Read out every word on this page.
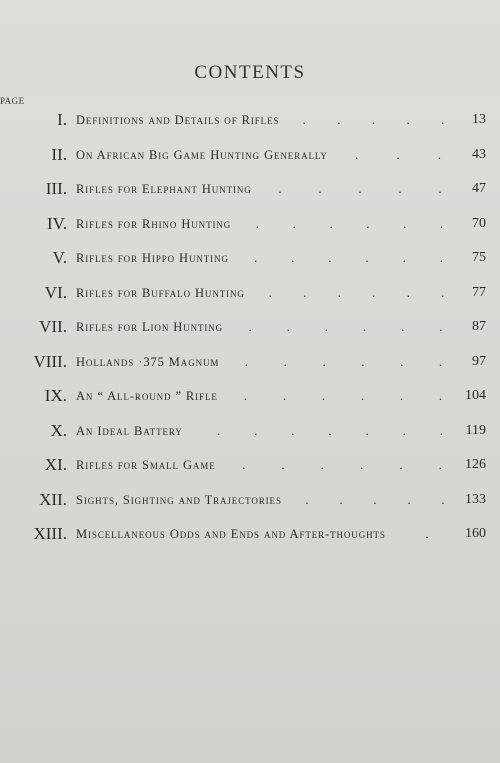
CONTENTS
PAGE
I. Definitions and Details of Rifles	13
. . . . .
II. On African Big Game Hunting Generally	43
.	.	.
III. Rifles for Elephant Hunting	47
.	.	.	.	.
IV. Rifles for Rhino Hunting	70
.	.	.	.	.	.
V. Rifles for Hippo Hunting	75
.	.	.	.	.	.
VI. Rifles for Buffalo Hunting	77
. . . . . .
VII. Rifles for Lion Hunting	87
.	.	.	.	.	.
VIII. Hollands ·375 Magnum	97
.	.	.	.	.	.
IX. An “ All-round ” Rifle	104
.	.	.	.	.	.
X. An Ideal Battery	119
.	.	.	.	.	.	.
XI. Rifles for Small Game	126
.	.	.	.	.	.
XII. Sights, Sighting and Trajectories	133
. . . . .
XIII. Miscellaneous Odds and Ends and After-thoughts	160
.
